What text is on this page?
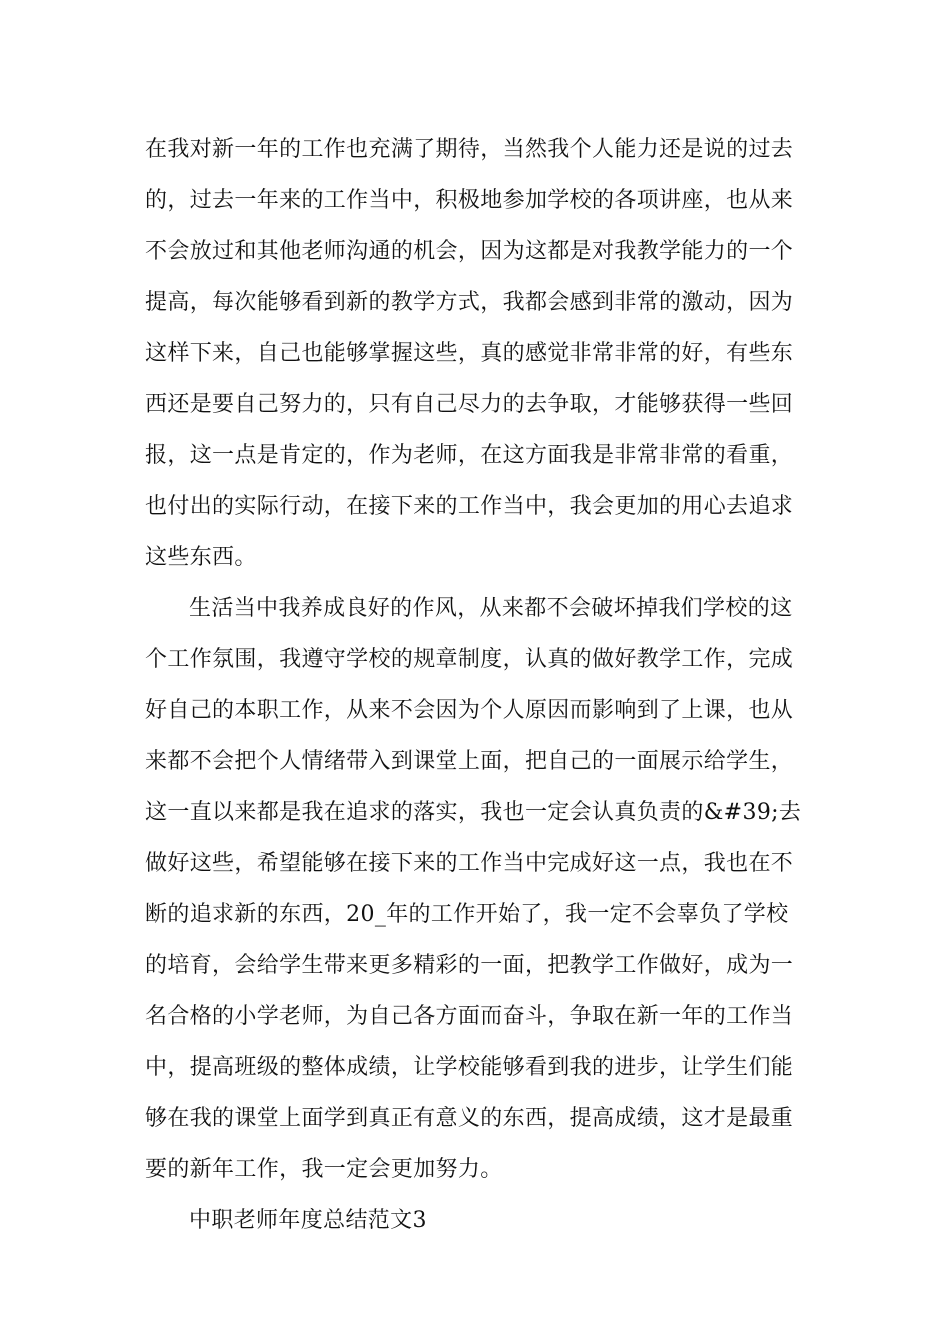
在我对新一年的工作也充满了期待，当然我个人能力还是说的过去的，过去一年来的工作当中，积极地参加学校的各项讲座，也从来不会放过和其他老师沟通的机会，因为这都是对我教学能力的一个提高，每次能够看到新的教学方式，我都会感到非常的激动，因为这样下来，自己也能够掌握这些，真的感觉非常非常的好，有些东西还是要自己努力的，只有自己尽力的去争取，才能够获得一些回报，这一点是肯定的，作为老师，在这方面我是非常非常的看重，也付出的实际行动，在接下来的工作当中，我会更加的用心去追求这些东西。

生活当中我养成良好的作风，从来都不会破坏掉我们学校的这个工作氛围，我遵守学校的规章制度，认真的做好教学工作，完成好自己的本职工作，从来不会因为个人原因而影响到了上课，也从来都不会把个人情绪带入到课堂上面，把自己的一面展示给学生，这一直以来都是我在追求的落实，我也一定会认真负责的&#39;去做好这些，希望能够在接下来的工作当中完成好这一点，我也在不断的追求新的东西，20_年的工作开始了，我一定不会辜负了学校的培育，会给学生带来更多精彩的一面，把教学工作做好，成为一名合格的小学老师，为自己各方面而奋斗，争取在新一年的工作当中，提高班级的整体成绩，让学校能够看到我的进步，让学生们能够在我的课堂上面学到真正有意义的东西，提高成绩，这才是最重要的新年工作，我一定会更加努力。

中职老师年度总结范文3
